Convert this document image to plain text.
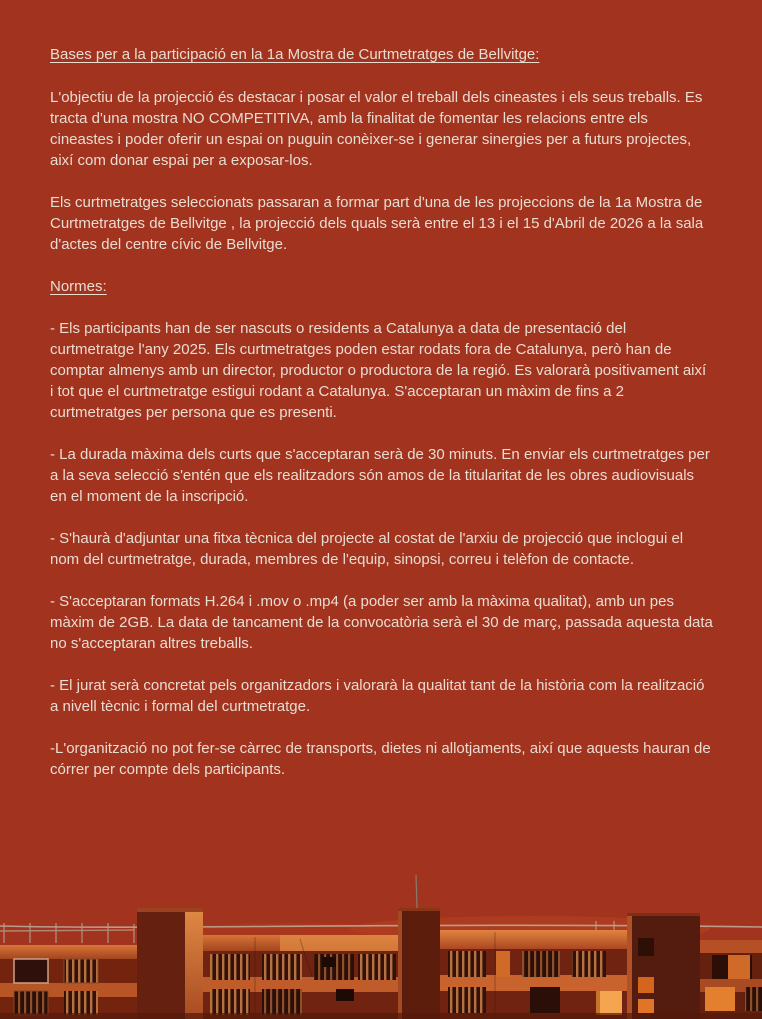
Bases per a la participació en la 1a Mostra de Curtmetratges de Bellvitge:

L'objectiu de la projecció és destacar i posar el valor el treball dels cineastes i els seus treballs. Es tracta d'una mostra NO COMPETITIVA, amb la finalitat de fomentar les relacions entre els cineastes i poder oferir un espai on puguin conèixer-se i generar sinergies per a futurs projectes, així com donar espai per a exposar-los.

Els curtmetratges seleccionats passaran a formar part d'una de les projeccions de la 1a Mostra de Curtmetratges de Bellvitge , la projecció dels quals serà entre el 13 i el 15 d'Abril de 2026 a la sala d'actes del centre cívic de Bellvitge.

Normes:

- Els participants han de ser nascuts o residents a Catalunya a data de presentació del curtmetratge l'any 2025. Els curtmetratges poden estar rodats fora de Catalunya, però han de comptar almenys amb un director, productor o productora de la regió. Es valorarà positivament així i tot que el curtmetratge estigui rodant a Catalunya. S'acceptaran un màxim de fins a 2 curtmetratges per persona que es presenti.

- La durada màxima dels curts que s'acceptaran serà de 30 minuts. En enviar els curtmetratges per a la seva selecció s'entén que els realitzadors són amos de la titularitat de les obres audiovisuals en el moment de la inscripció.

- S'haurà d'adjuntar una fitxa tècnica del projecte al costat de l'arxiu de projecció que inclogui el nom del curtmetratge, durada, membres de l'equip, sinopsi, correu i telèfon de contacte.

- S'acceptaran formats H.264 i .mov o .mp4 (a poder ser amb la màxima qualitat), amb un pes màxim de 2GB. La data de tancament de la convocatòria serà el 30 de març, passada aquesta data no s'acceptaran altres treballs.

- El jurat serà concretat pels organitzadors i valorarà la qualitat tant de la història com la realització a nivell tècnic i formal del curtmetratge.

-L'organització no pot fer-se càrrec de transports, dietes ni allotjaments, així que aquests hauran de córrer per compte dels participants.
